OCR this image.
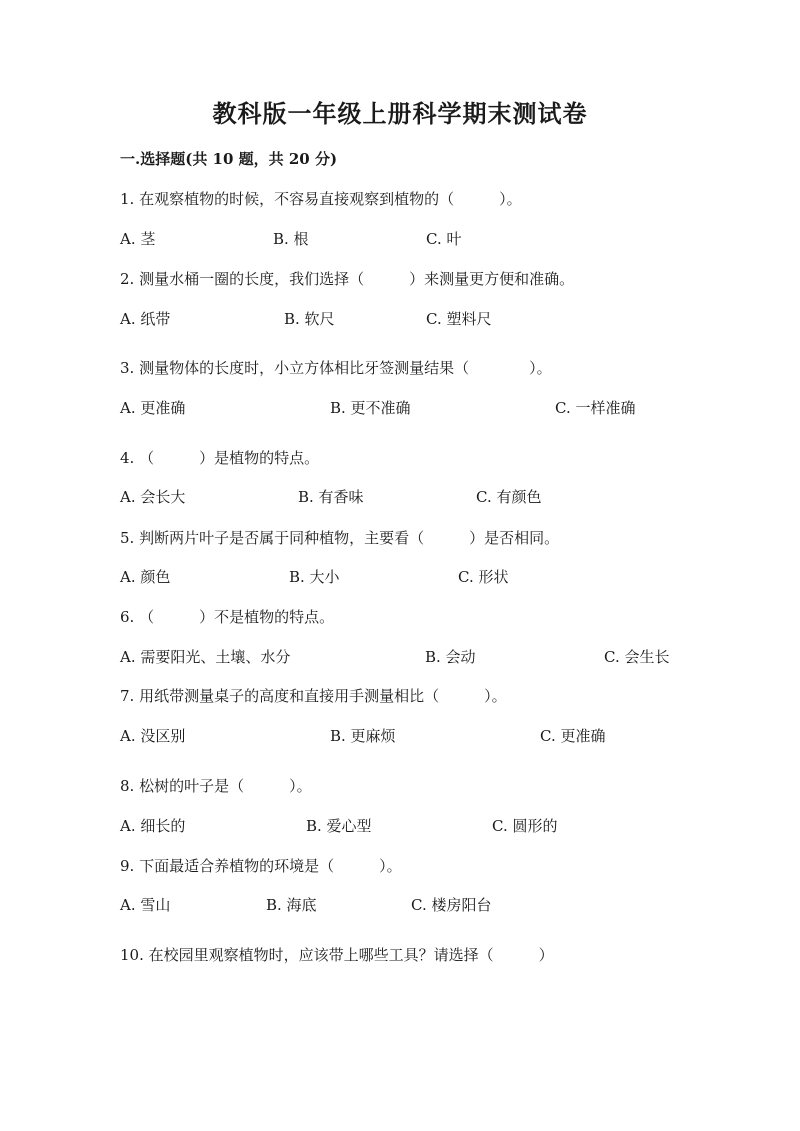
教科版一年级上册科学期末测试卷
一.选择题(共 10 题，共 20 分)
1. 在观察植物的时候，不容易直接观察到植物的（　　　）。
A. 茎	B. 根	C. 叶
2. 测量水桶一圈的长度，我们选择（　　　）来测量更方便和准确。
A. 纸带	B. 软尺	C. 塑料尺
3. 测量物体的长度时，小立方体相比牙签测量结果（　　　　）。
A. 更准确	B. 更不准确	C. 一样准确
4. （　　　）是植物的特点。
A. 会长大	B. 有香味	C. 有颜色
5. 判断两片叶子是否属于同种植物，主要看（　　　）是否相同。
A. 颜色	B. 大小	C. 形状
6. （　　　）不是植物的特点。
A. 需要阳光、土壤、水分	B. 会动	C. 会生长
7. 用纸带测量桌子的高度和直接用手测量相比（　　　）。
A. 没区别	B. 更麻烦	C. 更准确
8. 松树的叶子是（　　　）。
A. 细长的	B. 爱心型	C. 圆形的
9. 下面最适合养植物的环境是（　　　）。
A. 雪山	B. 海底	C. 楼房阳台
10. 在校园里观察植物时，应该带上哪些工具？请选择（　　　）
